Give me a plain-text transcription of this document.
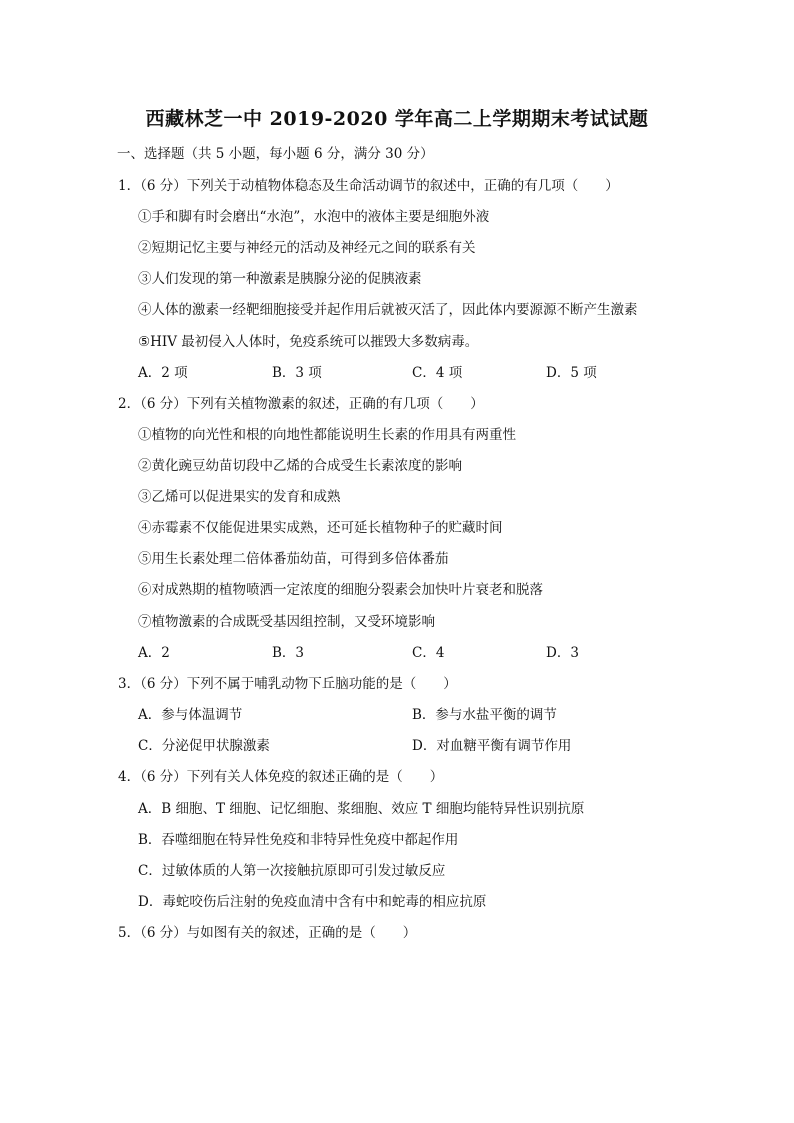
西藏林芝一中 2019-2020 学年高二上学期期末考试试题
一、选择题（共 5 小题，每小题 6 分，满分 30 分）
1．（6 分）下列关于动植物体稳态及生命活动调节的叙述中，正确的有几项（　　）
①手和脚有时会磨出“水泡”，水泡中的液体主要是细胞外液
②短期记忆主要与神经元的活动及神经元之间的联系有关
③人们发现的第一种激素是胰腺分泌的促胰液素
④人体的激素一经靶细胞接受并起作用后就被灭活了，因此体内要源源不断产生激素
⑤HIV 最初侵入人体时，免疫系统可以摧毁大多数病毒。
A．2 项	B．3 项	C．4 项	D．5 项
2．（6 分）下列有关植物激素的叙述，正确的有几项（　　）
①植物的向光性和根的向地性都能说明生长素的作用具有两重性
②黄化豌豆幼苗切段中乙烯的合成受生长素浓度的影响
③乙烯可以促进果实的发育和成熟
④赤霉素不仅能促进果实成熟，还可延长植物种子的贮藏时间
⑤用生长素处理二倍体番茄幼苗，可得到多倍体番茄
⑥对成熟期的植物喷洒一定浓度的细胞分裂素会加快叶片衰老和脱落
⑦植物激素的合成既受基因组控制，又受环境影响
A．2	B．3	C．4	D．3
3．（6 分）下列不属于哺乳动物下丘脑功能的是（　　）
A．参与体温调节	B．参与水盐平衡的调节
C．分泌促甲状腺激素	D．对血糖平衡有调节作用
4．（6 分）下列有关人体免疫的叙述正确的是（　　）
A．B 细胞、T 细胞、记忆细胞、浆细胞、效应 T 细胞均能特异性识别抗原
B．吞噬细胞在特异性免疫和非特异性免疫中都起作用
C．过敏体质的人第一次接触抗原即可引发过敏反应
D．毒蛇咬伤后注射的免疫血清中含有中和蛇毒的相应抗原
5．（6 分）与如图有关的叙述，正确的是（　　）
